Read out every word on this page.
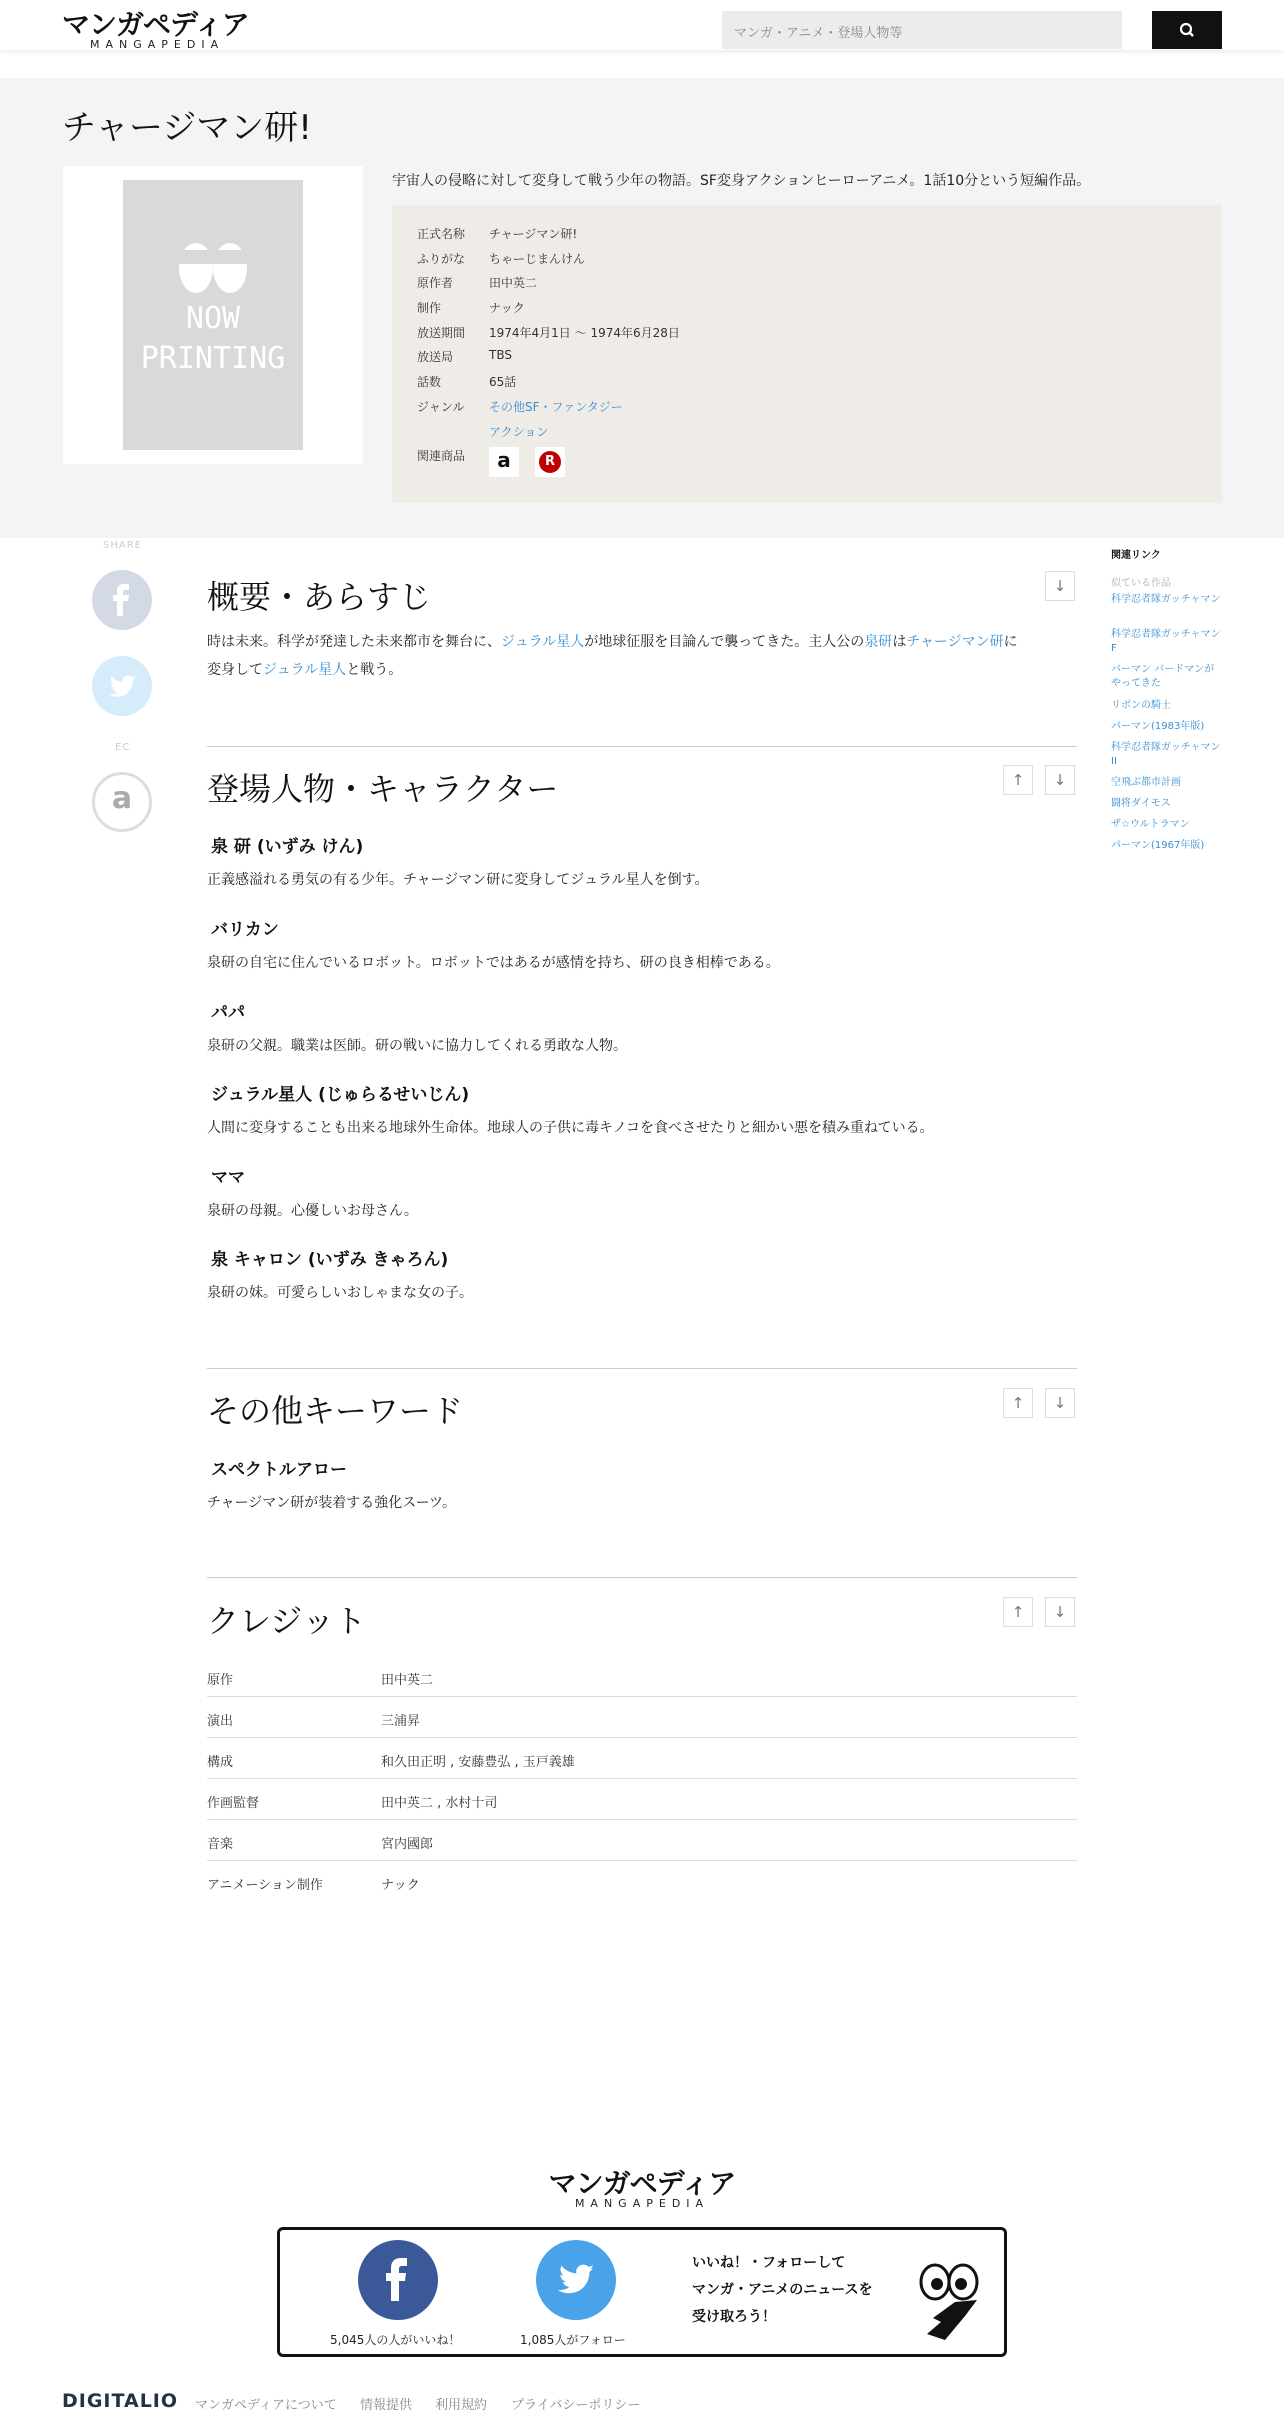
マンガペディア
MANGAPEDIA
マンガ・アニメ・登場人物等
チャージマン研!
NOW
PRINTING
宇宙人の侵略に対して変身して戦う少年の物語。SF変身アクションヒーローアニメ。1話10分という短編作品。
正式名称 チャージマン研!
ふりがな ちゃーじまんけん
原作者	田中英二
制作	ナック
放送期間 1974年4月1日 〜 1974年6月28日
放送局	TBS
話数	65話
ジャンル その他SF・ファンタジー
アクション
関連商品	a	R
SHARE
EC
a
概要・あらすじ	↓
時は未来。科学が発達した未来都市を舞台に、ジュラル星人が地球征服を目論んで襲ってきた。主人公の泉研はチャージマン研に
変身してジュラル星人と戦う。
登場人物・キャラクター	↑	↓
泉 研 (いずみ けん)
正義感溢れる勇気の有る少年。チャージマン研に変身してジュラル星人を倒す。
バリカン
泉研の自宅に住んでいるロボット。ロボットではあるが感情を持ち、研の良き相棒である。
パパ
泉研の父親。職業は医師。研の戦いに協力してくれる勇敢な人物。
ジュラル星人 (じゅらるせいじん)
人間に変身することも出来る地球外生命体。地球人の子供に毒キノコを食べさせたりと細かい悪を積み重ねている。
ママ
泉研の母親。心優しいお母さん。
泉 キャロン (いずみ きゃろん)
泉研の妹。可愛らしいおしゃまな女の子。
その他キーワード	↑	↓
スペクトルアロー
チャージマン研が装着する強化スーツ。
クレジット	↑	↓
原作	田中英二
演出	三浦昇
構成	和久田正明 , 安藤豊弘 , 玉戸義雄
作画監督	田中英二 , 水村十司
音楽	宮内國郎
アニメーション制作	ナック
関連リンク
似ている作品
科学忍者隊ガッチャマン
科学忍者隊ガッチャマンF
バーマン バードマンがやってきた
リボンの騎士
パーマン(1983年版)
科学忍者隊ガッチャマンII
空飛ぶ都市計画
闘将ダイモス
ザ☆ウルトラマン
パーマン(1967年版)
マンガペディア
MANGAPEDIA
5,045人の人がいいね！	1,085人がフォロー
いいね！・フォローして
マンガ・アニメのニュースを
受け取ろう！
DIGITALIO マンガペディアについて 情報提供 利用規約 プライバシーポリシー
